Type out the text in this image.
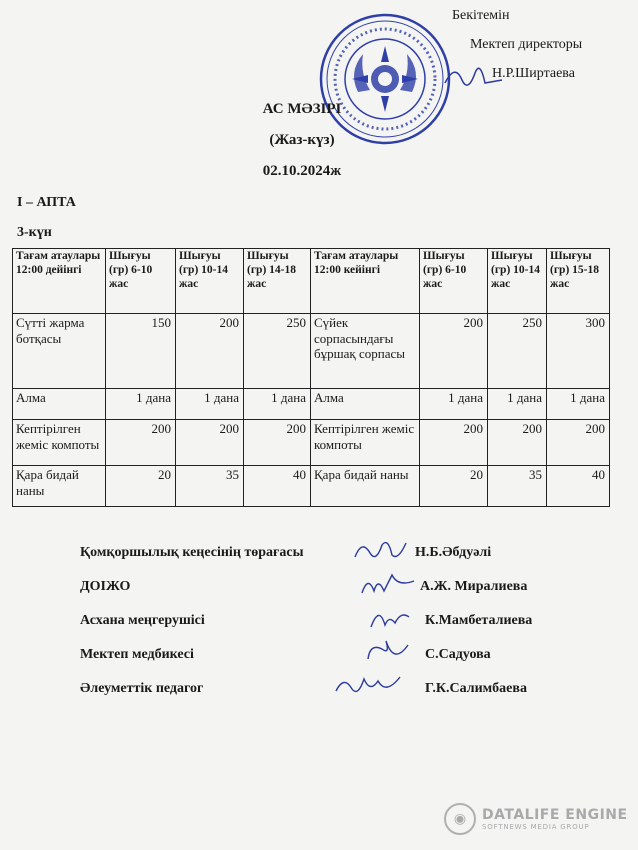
Бекітемін
Мектеп директоры
Н.Р.Ширтаева
АС МӘЗІРІ
(Жаз-күз)
02.10.2024ж
І – АПТА
3-күн
Тағам атаулары 12:00 дейінгі	Шығуы (гр) 6-10 жас	Шығуы (гр) 10-14 жас	Шығуы (гр) 14-18 жас	Тағам атаулары 12:00 кейінгі	Шығуы (гр) 6-10 жас	Шығуы (гр) 10-14 жас	Шығуы (гр) 15-18 жас
Сүтті жарма ботқасы	150	200	250	Сүйек сорпасындағы бұршақ сорпасы	200	250	300
Алма	1 дана	1 дана	1 дана	Алма	1 дана	1 дана	1 дана
Кептірілген жеміс компоты	200	200	200	Кептірілген жеміс компоты	200	200	200
Қара бидай наны	20	35	40	Қара бидай наны	20	35	40
Қомқоршылық кеңесінің төрағасы	Н.Б.Әбдуәлі
ДОІЖО	А.Ж. Миралиева
Асхана меңгерушісі	К.Мамбеталиева
Мектеп медбикесі	С.Садуова
Әлеуметтік педагог	Г.К.Салимбаева
◉	DATALIFE ENGINE
SOFTNEWS MEDIA GROUP
